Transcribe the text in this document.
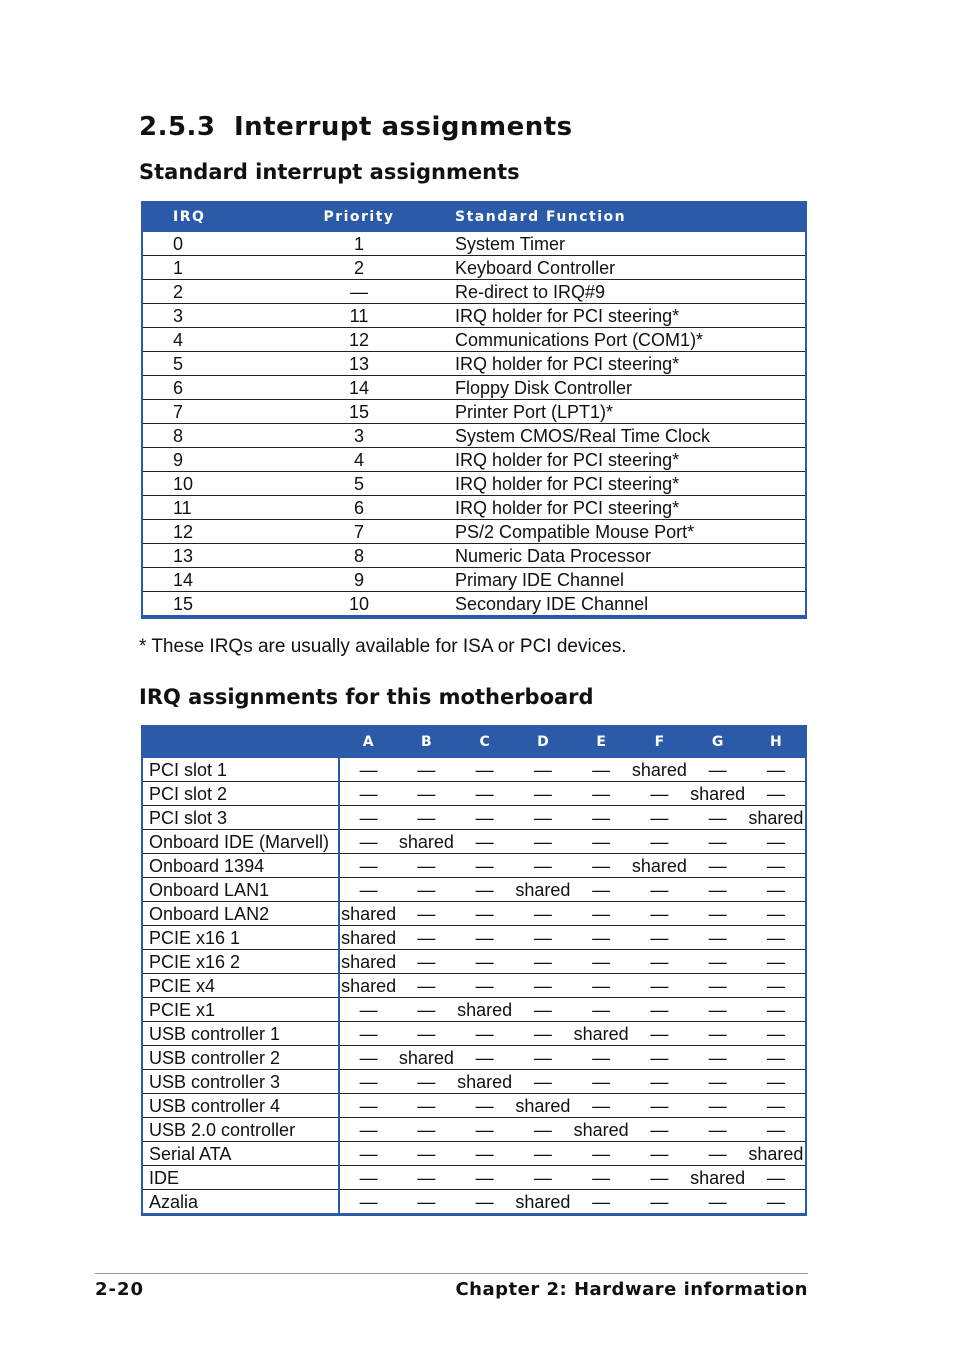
2.5.3 Interrupt assignments
Standard interrupt assignments
IRQ	Priority	Standard Function
0	1	System Timer
1	2	Keyboard Controller
2	—	Re-direct to IRQ#9
3	11	IRQ holder for PCI steering*
4	12	Communications Port (COM1)*
5	13	IRQ holder for PCI steering*
6	14	Floppy Disk Controller
7	15	Printer Port (LPT1)*
8	3	System CMOS/Real Time Clock
9	4	IRQ holder for PCI steering*
10	5	IRQ holder for PCI steering*
11	6	IRQ holder for PCI steering*
12	7	PS/2 Compatible Mouse Port*
13	8	Numeric Data Processor
14	9	Primary IDE Channel
15	10	Secondary IDE Channel
* These IRQs are usually available for ISA or PCI devices.
IRQ assignments for this motherboard
	A	B	C	D	E	F	G	H
PCI slot 1	—	—	—	—	—	shared	—	—
PCI slot 2	—	—	—	—	—	—	shared	—
PCI slot 3	—	—	—	—	—	—	—	shared
Onboard IDE (Marvell)	—	shared	—	—	—	—	—	—
Onboard 1394	—	—	—	—	—	shared	—	—
Onboard LAN1	—	—	—	shared	—	—	—	—
Onboard LAN2	shared	—	—	—	—	—	—	—
PCIE x16 1	shared	—	—	—	—	—	—	—
PCIE x16 2	shared	—	—	—	—	—	—	—
PCIE x4	shared	—	—	—	—	—	—	—
PCIE x1	—	—	shared	—	—	—	—	—
USB controller 1	—	—	—	—	shared	—	—	—
USB controller 2	—	shared	—	—	—	—	—	—
USB controller 3	—	—	shared	—	—	—	—	—
USB controller 4	—	—	—	shared	—	—	—	—
USB 2.0 controller	—	—	—	—	shared	—	—	—
Serial ATA	—	—	—	—	—	—	—	shared
IDE	—	—	—	—	—	—	shared	—
Azalia	—	—	—	shared	—	—	—	—
2-20	Chapter 2: Hardware information
